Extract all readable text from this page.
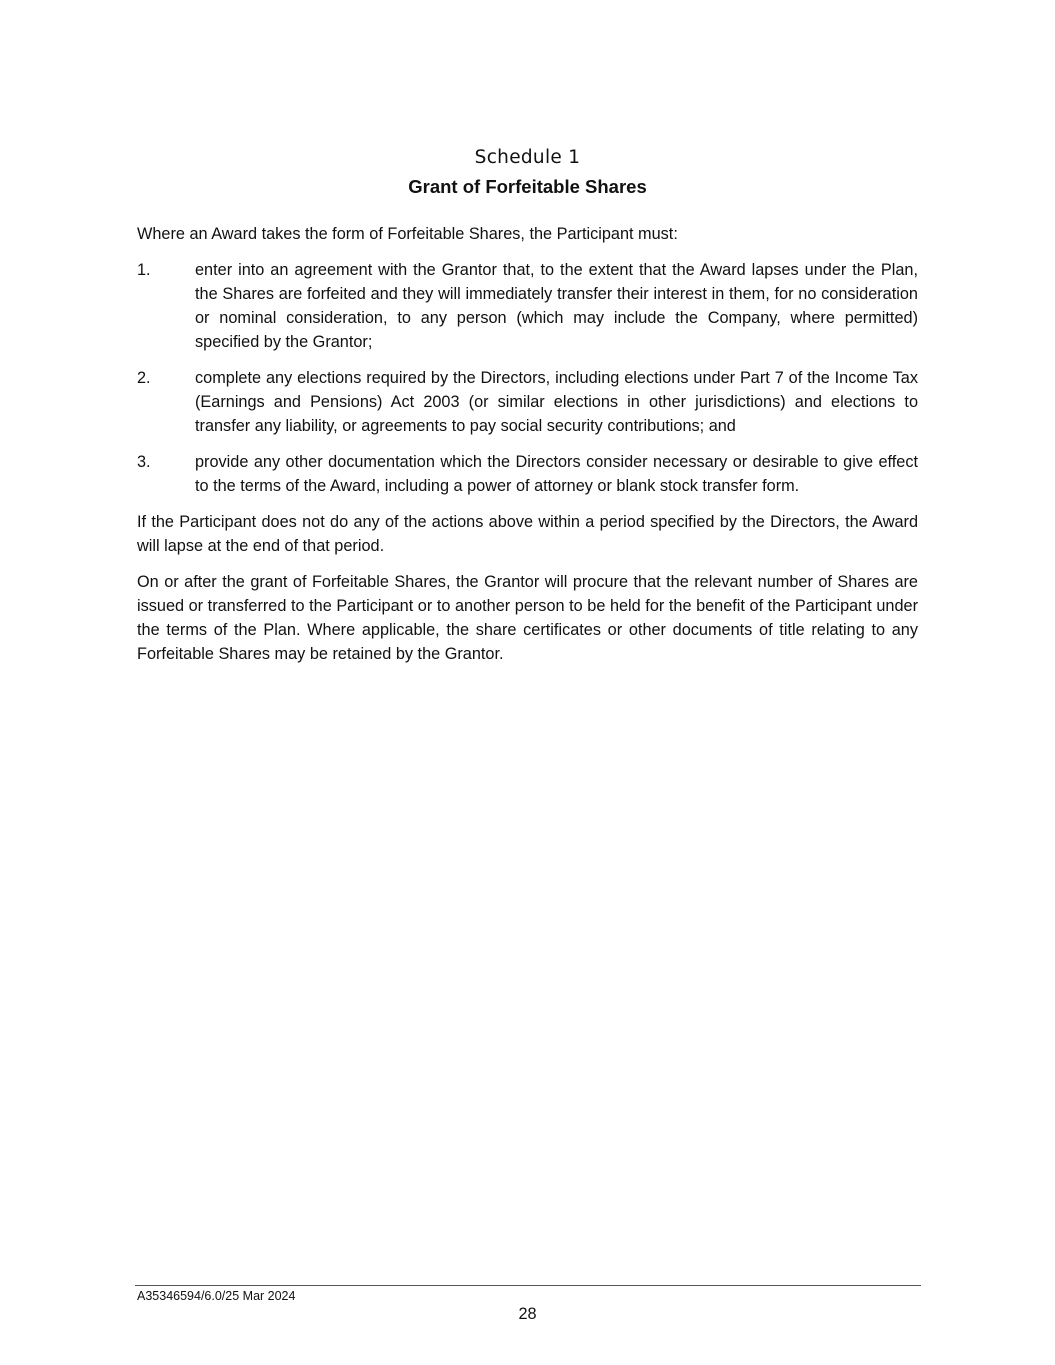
Schedule 1

Grant of Forfeitable Shares

Where an Award takes the form of Forfeitable Shares, the Participant must:

1.	enter into an agreement with the Grantor that, to the extent that the Award lapses under the Plan, the Shares are forfeited and they will immediately transfer their interest in them, for no consideration or nominal consideration, to any person (which may include the Company, where permitted) specified by the Grantor;
2.	complete any elections required by the Directors, including elections under Part 7 of the Income Tax (Earnings and Pensions) Act 2003 (or similar elections in other jurisdictions) and elections to transfer any liability, or agreements to pay social security contributions; and
3.	provide any other documentation which the Directors consider necessary or desirable to give effect to the terms of the Award, including a power of attorney or blank stock transfer form.

If the Participant does not do any of the actions above within a period specified by the Directors, the Award will lapse at the end of that period.

On or after the grant of Forfeitable Shares, the Grantor will procure that the relevant number of Shares are issued or transferred to the Participant or to another person to be held for the benefit of the Participant under the terms of the Plan. Where applicable, the share certificates or other documents of title relating to any Forfeitable Shares may be retained by the Grantor.

A35346594/6.0/25 Mar 2024
28
